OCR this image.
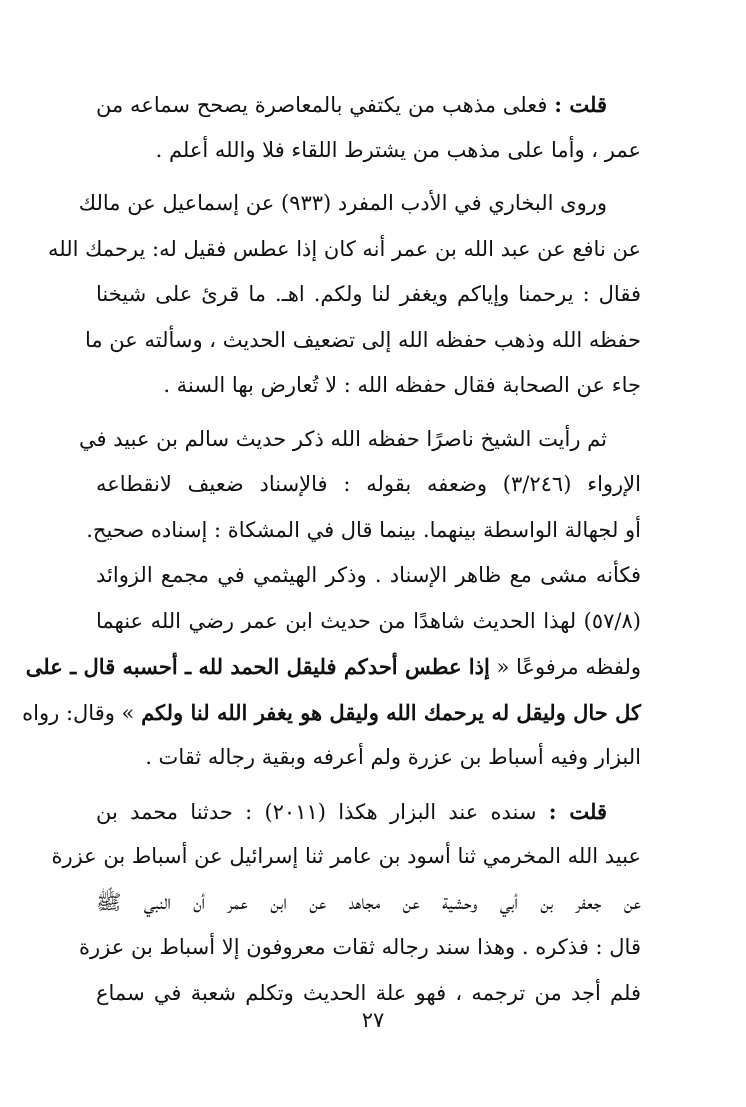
قلت : فعلى مذهب من يكتفي بالمعاصرة يصحح سماعه من
عمر ، وأما على مذهب من يشترط اللقاء فلا والله أعلم .
وروى البخاري في الأدب المفرد (٩٣٣) عن إسماعيل عن مالك
عن نافع عن عبد الله بن عمر أنه كان إذا عطس فقيل له: يرحمك الله
فقال : يرحمنا وإياكم ويغفر لنا ولكم. اهـ. ما قرئ على شيخنا
حفظه الله وذهب حفظه الله إلى تضعيف الحديث ، وسألته عن ما
جاء عن الصحابة فقال حفظه الله : لا تُعارض بها السنة .
ثم رأيت الشيخ ناصرًا حفظه الله ذكر حديث سالم بن عبيد في
الإرواء (٣/٢٤٦) وضعفه بقوله : فالإسناد ضعيف لانقطاعه
أو لجهالة الواسطة بينهما. بينما قال في المشكاة : إسناده صحيح.
فكأنه مشى مع ظاهر الإسناد . وذكر الهيثمي في مجمع الزوائد
(٥٧/٨) لهذا الحديث شاهدًا من حديث ابن عمر رضي الله عنهما
ولفظه مرفوعًا « إذا عطس أحدكم فليقل الحمد لله ـ أحسبه قال ـ على
كل حال وليقل له يرحمك الله وليقل هو يغفر الله لنا ولكم » وقال: رواه
البزار وفيه أسباط بن عزرة ولم أعرفه وبقية رجاله ثقات .
قلت : سنده عند البزار هكذا (٢٠١١) : حدثنا محمد بن
عبيد الله المخرمي ثنا أسود بن عامر ثنا إسرائيل عن أسباط بن عزرة
عن جعفر بن أبي وحشية عن مجاهد عن ابن عمر أن النبي ﷺ
قال : فذكره . وهذا سند رجاله ثقات معروفون إلا أسباط بن عزرة
فلم أجد من ترجمه ، فهو علة الحديث وتكلم شعبة في سماع
٢٧
